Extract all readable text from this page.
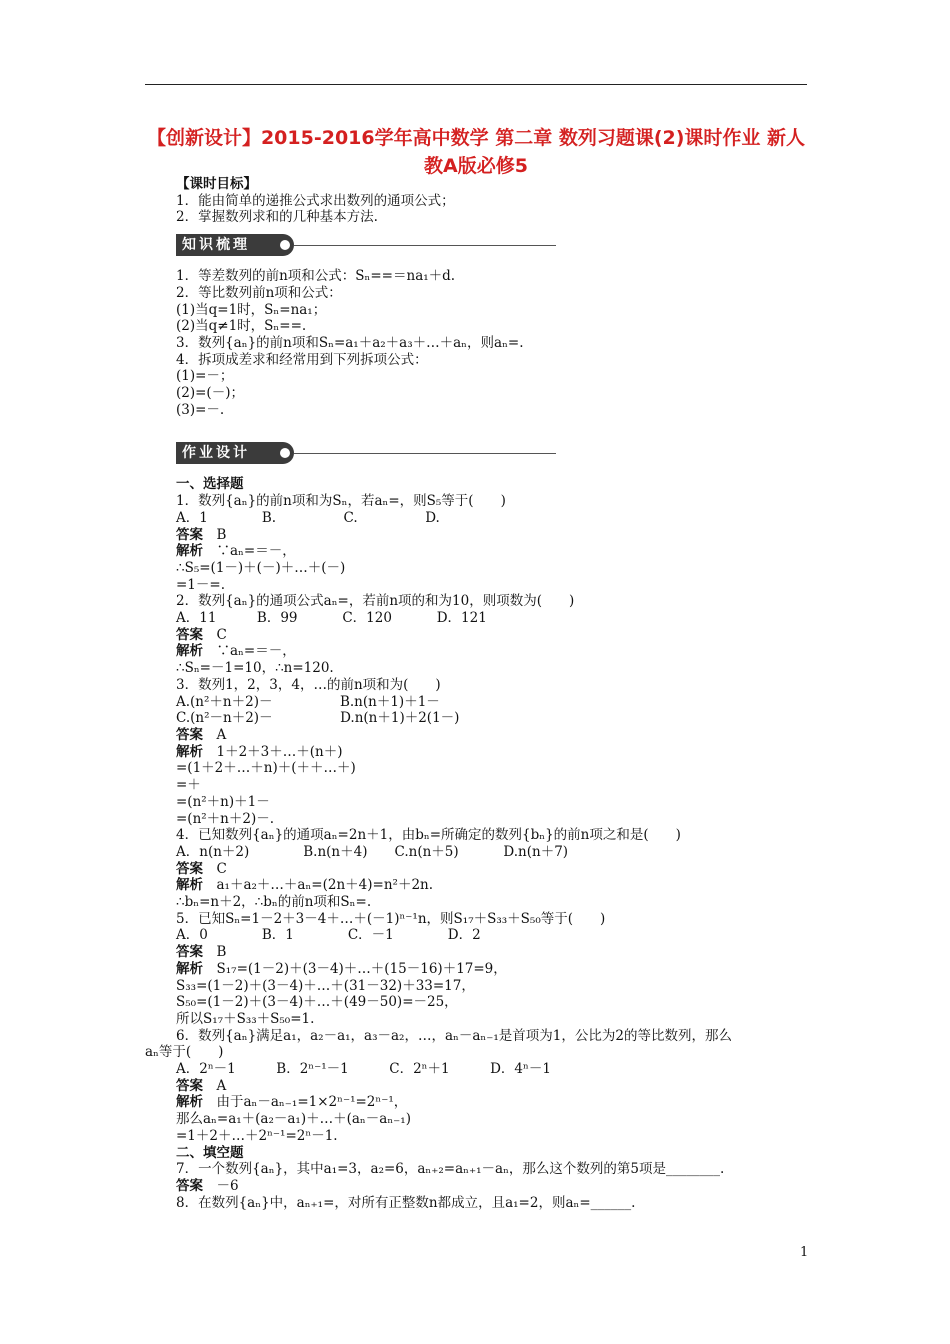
【创新设计】2015-2016学年高中数学 第二章 数列习题课(2)课时作业 新人教A版必修5
【课时目标】
1．能由简单的递推公式求出数列的通项公式；
2．掌握数列求和的几种基本方法.
知识梳理
1．等差数列的前n项和公式：Sₙ==＝na₁＋d.
2．等比数列前n项和公式：
(1)当q=1时，Sₙ=na₁；
(2)当q≠1时，Sₙ==.
3．数列{aₙ}的前n项和Sₙ=a₁＋a₂＋a₃＋…＋aₙ，则aₙ=.
4．拆项成差求和经常用到下列拆项公式：
(1)=－；
(2)=(－)；
(3)=－.
作业设计
一、选择题
1．数列{aₙ}的前n项和为Sₙ，若aₙ=，则S₅等于(　　)
A．1　　　　B.　　　　　C.　　　　　D.
答案　 B
解析　 ∵aₙ=＝－，
∴S₅=(1－)＋(－)＋…＋(－)
=1－=.
2．数列{aₙ}的通项公式aₙ=，若前n项的和为10，则项数为(　　)
A．11　　　B．99　　　 C．120　　　 D．121
答案　 C
解析　 ∵aₙ=＝－，
∴Sₙ=－1=10，∴n=120.
3．数列1，2，3，4，…的前n项和为(　　)
A.(n²＋n＋2)－　　　　　B.n(n＋1)＋1－
C.(n²－n＋2)－　　　　　D.n(n＋1)＋2(1－)
答案　 A
解析　 1＋2＋3＋…＋(n＋)
=(1＋2＋…＋n)＋(＋＋…＋)
=＋
=(n²＋n)＋1－
=(n²＋n＋2)－.
4．已知数列{aₙ}的通项aₙ=2n＋1，由bₙ=所确定的数列{bₙ}的前n项之和是(　　)
A．n(n＋2)　　　　B.n(n＋4)　　C.n(n＋5)　　　 D.n(n＋7)
答案　 C
解析　 a₁＋a₂＋…＋aₙ=(2n＋4)=n²＋2n.
∴bₙ=n＋2，∴bₙ的前n项和Sₙ=.
5．已知Sₙ=1－2＋3－4＋…＋(－1)ⁿ⁻¹n，则S₁₇＋S₃₃＋S₅₀等于(　　)
A．0　　　　B．1　　　　C．－1　　　　D．2
答案　 B
解析　 S₁₇=(1－2)＋(3－4)＋…＋(15－16)＋17=9，
S₃₃=(1－2)＋(3－4)＋…＋(31－32)＋33=17，
S₅₀=(1－2)＋(3－4)＋…＋(49－50)=－25，
所以S₁₇＋S₃₃＋S₅₀=1.
6．数列{aₙ}满足a₁，a₂－a₁，a₃－a₂，…，aₙ－aₙ₋₁是首项为1，公比为2的等比数列，那么
aₙ等于(　　)
A．2ⁿ－1　　　B．2ⁿ⁻¹－1　　　C．2ⁿ＋1　　　D．4ⁿ－1
答案　 A
解析　 由于aₙ－aₙ₋₁=1×2ⁿ⁻¹=2ⁿ⁻¹，
那么aₙ=a₁＋(a₂－a₁)＋…＋(aₙ－aₙ₋₁)
=1＋2＋…＋2ⁿ⁻¹=2ⁿ－1.
二、填空题
7．一个数列{aₙ}，其中a₁=3，a₂=6，aₙ₊₂=aₙ₊₁－aₙ，那么这个数列的第5项是________.
答案　 －6
8．在数列{aₙ}中，aₙ₊₁=，对所有正整数n都成立，且a₁=2，则aₙ=______.
1
